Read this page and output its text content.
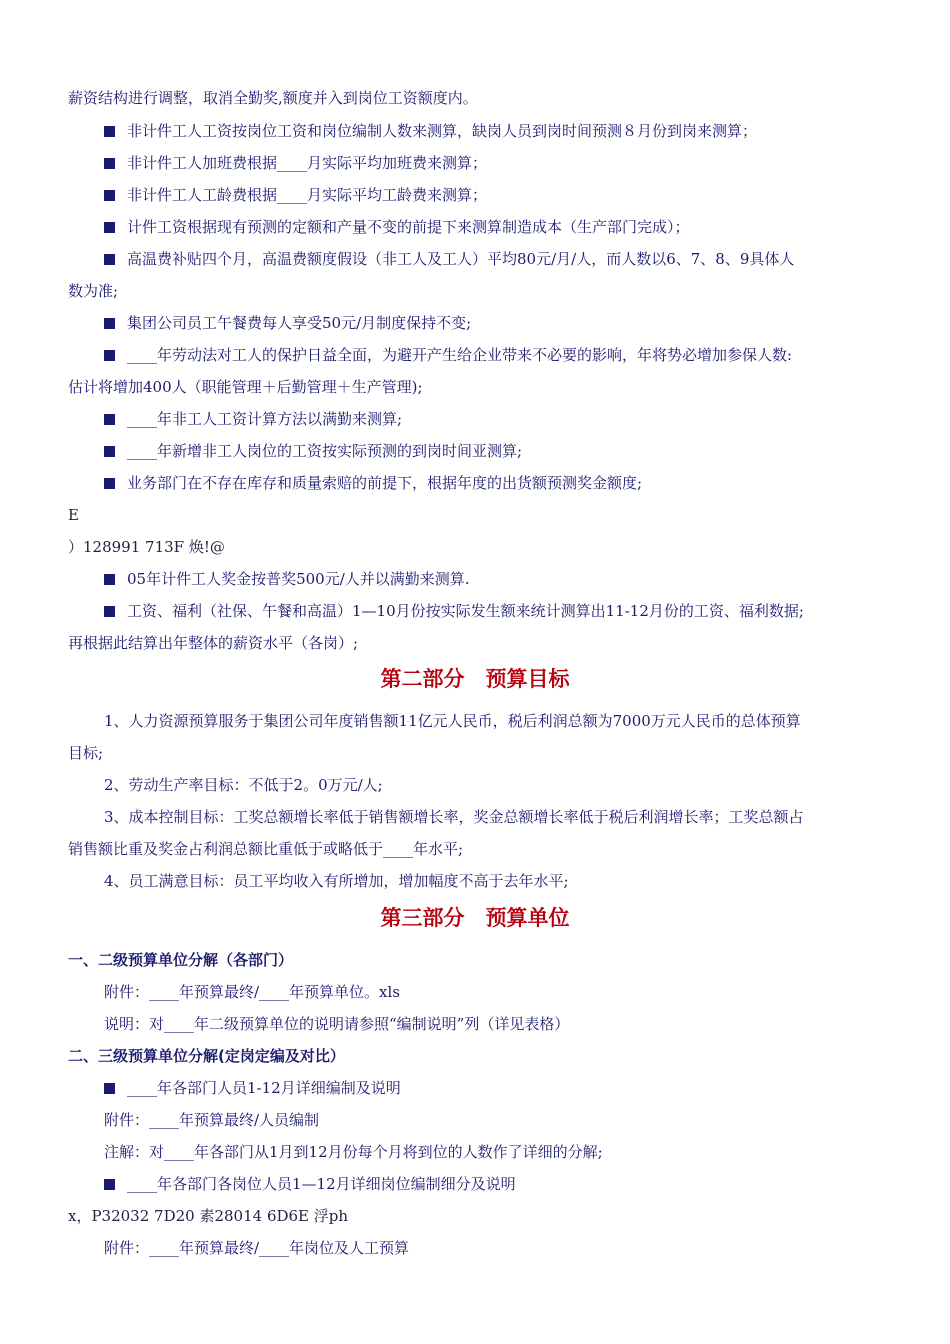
薪资结构进行调整，取消全勤奖,额度并入到岗位工资额度内。
非计件工人工资按岗位工资和岗位编制人数来测算，缺岗人员到岗时间预测８月份到岗来测算；
非计件工人加班费根据____月实际平均加班费来测算；
非计件工人工龄费根据____月实际平均工龄费来测算；
计件工资根据现有预测的定额和产量不变的前提下来测算制造成本（生产部门完成）；
高温费补贴四个月，高温费额度假设（非工人及工人）平均80元/月/人，而人数以6、7、8、9具体人
数为准;
集团公司员工午餐费每人享受50元/月制度保持不变;
____年劳动法对工人的保护日益全面，为避开产生给企业带来不必要的影响，年将势必增加参保人数:
估计将增加400人（职能管理＋后勤管理＋生产管理);
____年非工人工资计算方法以满勤来测算;
____年新增非工人岗位的工资按实际预测的到岗时间亚测算;
业务部门在不存在库存和质量索赔的前提下，根据年度的出货额预测奖金额度;
E
）128991 713F 焕!@
05年计件工人奖金按普奖500元/人并以满勤来测算.
工资、福利（社保、午餐和高温）1—10月份按实际发生额来统计测算出11-12月份的工资、福利数据;
再根据此结算出年整体的薪资水平（各岗）;
第二部分　预算目标
1、人力资源预算服务于集团公司年度销售额11亿元人民币，税后利润总额为7000万元人民币的总体预算
目标;
2、劳动生产率目标：不低于2。0万元/人;
3、成本控制目标：工奖总额增长率低于销售额增长率，奖金总额增长率低于税后利润增长率；工奖总额占
销售额比重及奖金占利润总额比重低于或略低于____年水平;
4、员工满意目标：员工平均收入有所增加，增加幅度不高于去年水平;
第三部分　预算单位
一、二级预算单位分解（各部门）
附件：____年预算最终/____年预算单位。xls
说明：对____年二级预算单位的说明请参照“编制说明”列（详见表格）
二、三级预算单位分解(定岗定编及对比）
____年各部门人员1-12月详细编制及说明
附件：____年预算最终/人员编制
注解：对____年各部门从1月到12月份每个月将到位的人数作了详细的分解;
____年各部门各岗位人员1—12月详细岗位编制细分及说明
x，P32032 7D20 素28014 6D6E 浮ph
附件：____年预算最终/____年岗位及人工预算
